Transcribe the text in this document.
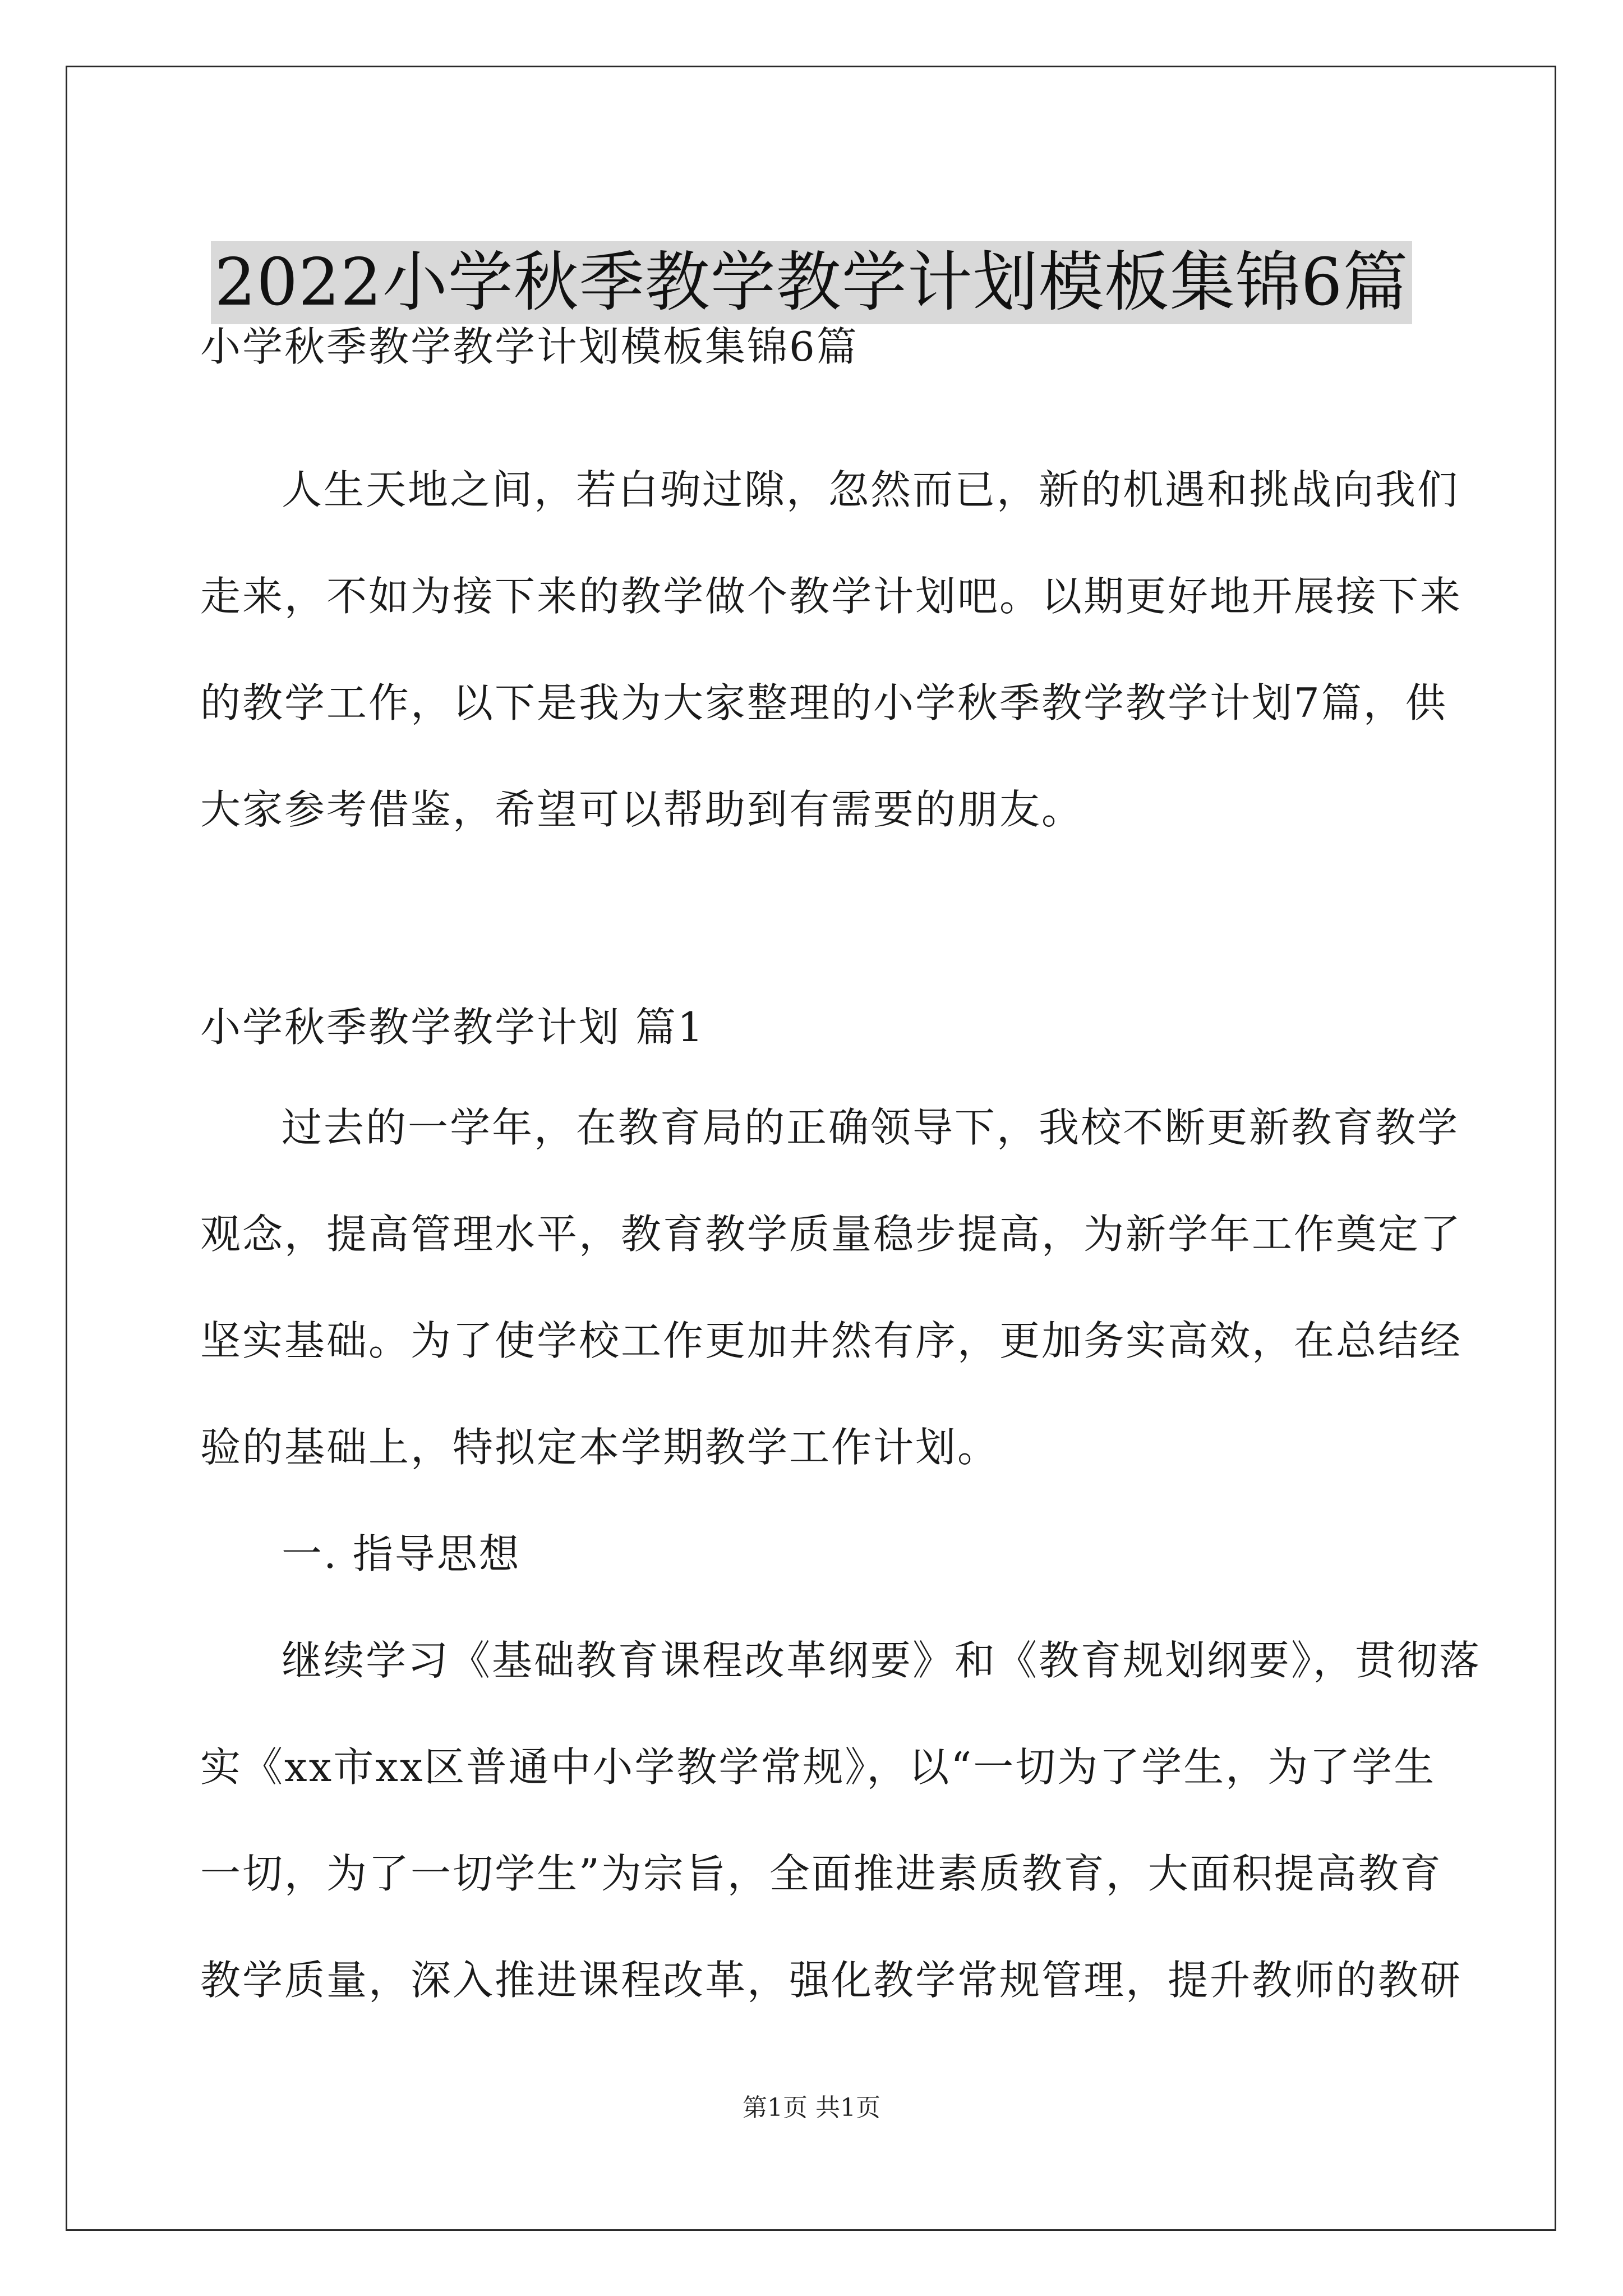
2022小学秋季教学教学计划模板集锦6篇
小学秋季教学教学计划模板集锦6篇
人生天地之间，若白驹过隙，忽然而已，新的机遇和挑战向我们
走来，不如为接下来的教学做个教学计划吧。以期更好地开展接下来
的教学工作，以下是我为大家整理的小学秋季教学教学计划7篇，供
大家参考借鉴，希望可以帮助到有需要的朋友。
小学秋季教学教学计划 篇1
过去的一学年，在教育局的正确领导下，我校不断更新教育教学
观念，提高管理水平，教育教学质量稳步提高，为新学年工作奠定了
坚实基础。为了使学校工作更加井然有序，更加务实高效，在总结经
验的基础上，特拟定本学期教学工作计划。
一. 指导思想
继续学习《基础教育课程改革纲要》和《教育规划纲要》，贯彻落
实《xx市xx区普通中小学教学常规》，以“一切为了学生，为了学生
一切，为了一切学生”为宗旨，全面推进素质教育，大面积提高教育
教学质量，深入推进课程改革，强化教学常规管理，提升教师的教研
第1页 共1页
